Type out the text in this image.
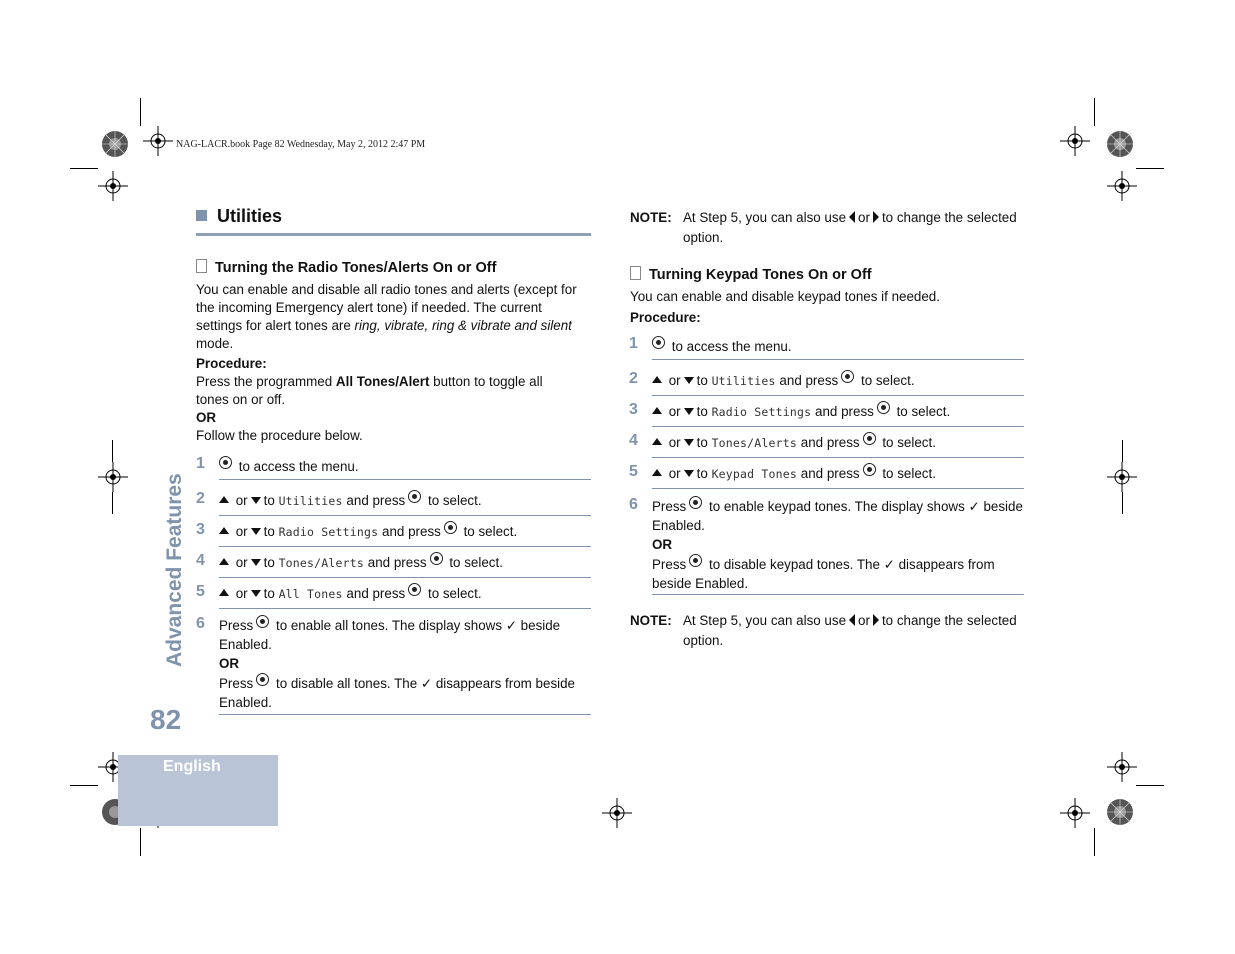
NAG-LACR.book Page 82 Wednesday, May 2, 2012 2:47 PM
Utilities
Turning the Radio Tones/Alerts On or Off
You can enable and disable all radio tones and alerts (except for the incoming Emergency alert tone) if needed. The current settings for alert tones are ring, vibrate, ring & vibrate and silent mode.
Procedure:
Press the programmed All Tones/Alert button to toggle all tones on or off.
OR
Follow the procedure below.
1	to access the menu.
2	or to Utilities and press to select.
3	or to Radio Settings and press to select.
4	or to Tones/Alerts and press to select.
5	or to All Tones and press to select.
6 Press to enable all tones. The display shows ✓ beside Enabled.
OR
Press to disable all tones. The ✓ disappears from beside Enabled.
NOTE: At Step 5, you can also use or to change the selected option.
Turning Keypad Tones On or Off
You can enable and disable keypad tones if needed.
Procedure:
1	to access the menu.
2	or to Utilities and press to select.
3	or to Radio Settings and press to select.
4	or to Tones/Alerts and press to select.
5	or to Keypad Tones and press to select.
6 Press to enable keypad tones. The display shows ✓ beside Enabled.
OR
Press to disable keypad tones. The ✓ disappears from beside Enabled.
NOTE: At Step 5, you can also use or to change the selected option.
English
Advanced Features
82
